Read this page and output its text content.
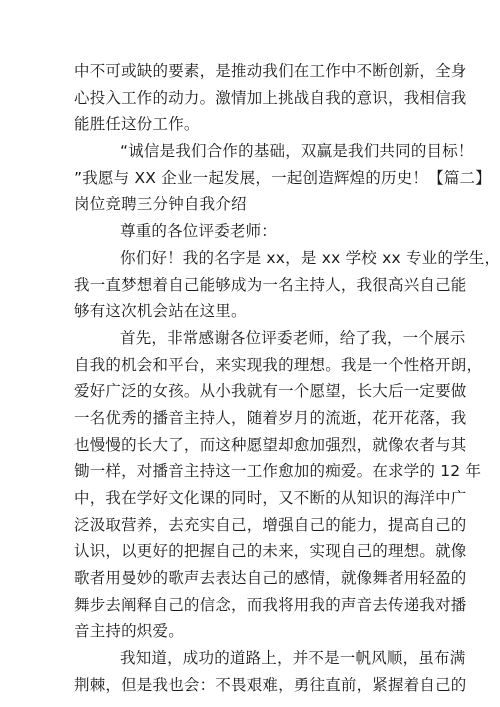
中不可或缺的要素，是推动我们在工作中不断创新，全身
心投入工作的动力。激情加上挑战自我的意识，我相信我
能胜任这份工作。
“诚信是我们合作的基础，双赢是我们共同的目标！
”我愿与 XX 企业一起发展，一起创造辉煌的历史！【篇二】
岗位竞聘三分钟自我介绍
尊重的各位评委老师：
你们好！我的名字是 xx，是 xx 学校 xx 专业的学生，
我一直梦想着自己能够成为一名主持人，我很高兴自己能
够有这次机会站在这里。
首先，非常感谢各位评委老师，给了我，一个展示
自我的机会和平台，来实现我的理想。我是一个性格开朗，
爱好广泛的女孩。从小我就有一个愿望，长大后一定要做
一名优秀的播音主持人，随着岁月的流逝，花开花落，我
也慢慢的长大了，而这种愿望却愈加强烈，就像农者与其
锄一样，对播音主持这一工作愈加的痴爱。在求学的 12 年
中，我在学好文化课的同时，又不断的从知识的海洋中广
泛汲取营养，去充实自己，增强自己的能力，提高自己的
认识，以更好的把握自己的未来，实现自己的理想。就像
歌者用曼妙的歌声去表达自己的感情，就像舞者用轻盈的
舞步去阐释自己的信念，而我将用我的声音去传递我对播
音主持的炽爱。
我知道，成功的道路上，并不是一帆风顺，虽布满
荆棘，但是我也会：不畏艰难，勇往直前，紧握着自己的
